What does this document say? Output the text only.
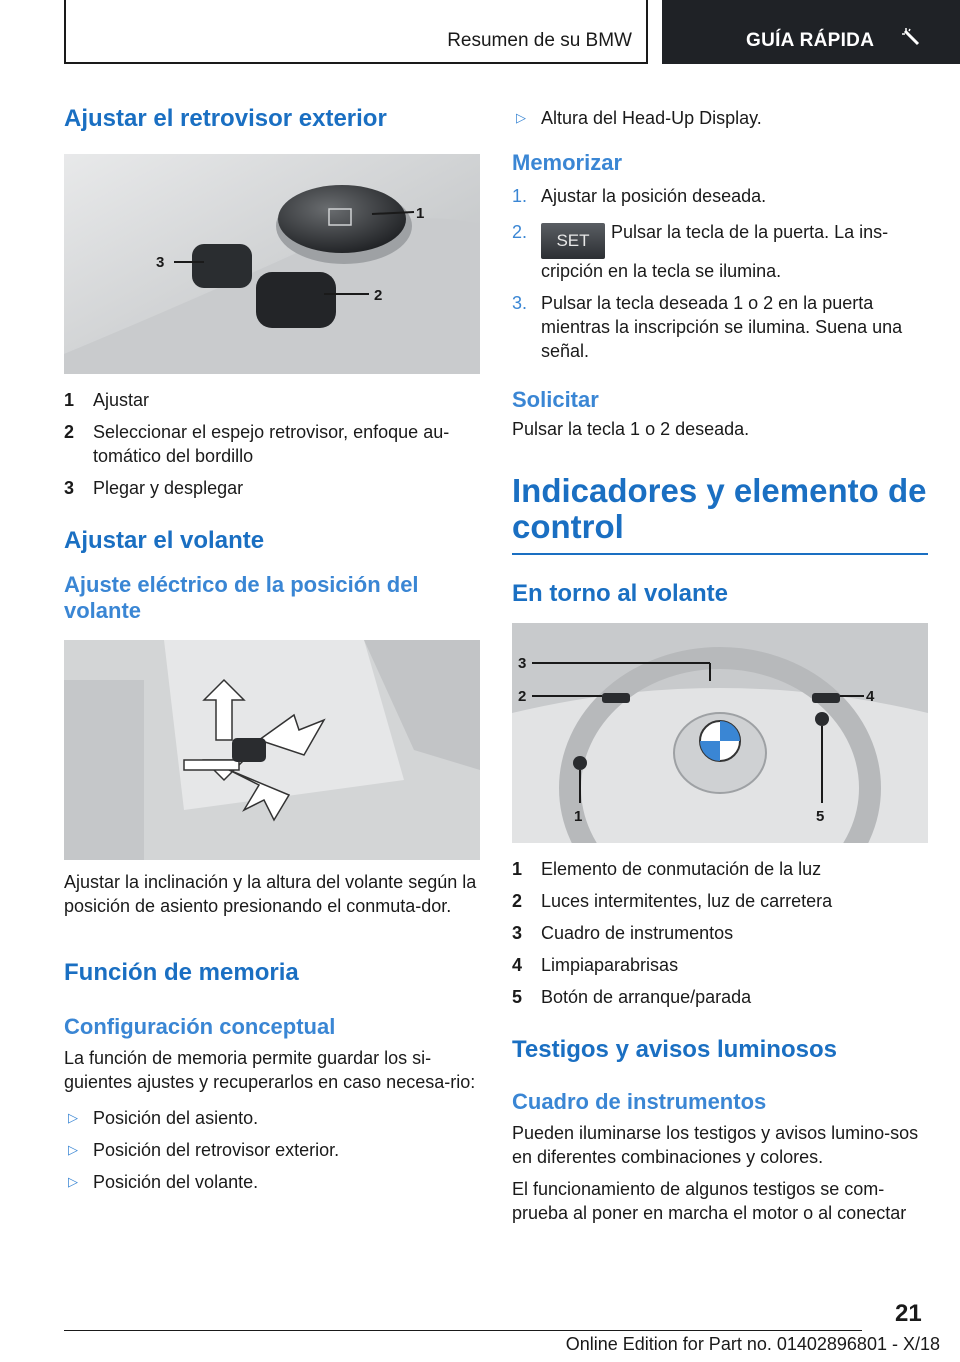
Resumen de su BMW	GUÍA RÁPIDA
Ajustar el retrovisor exterior
1
3
2
1 Ajustar
2 Seleccionar el espejo retrovisor, enfoque au-tomático del bordillo
3 Plegar y desplegar
Ajustar el volante
Ajuste eléctrico de la posición del volante

Ajustar la inclinación y la altura del volante según la posición de asiento presionando el conmuta-dor.

Función de memoria
Configuración conceptual

La función de memoria permite guardar los si-guientes ajustes y recuperarlos en caso necesa-rio:

▷ Posición del asiento.
▷ Posición del retrovisor exterior.
▷ Posición del volante.
▷ Altura del Head-Up Display.
Memorizar
1. Ajustar la posición deseada.
2. SET Pulsar la tecla de la puerta. La ins-cripción en la tecla se ilumina.
3. Pulsar la tecla deseada 1 o 2 en la puerta mientras la inscripción se ilumina. Suena una señal.
Solicitar

Pulsar la tecla 1 o 2 deseada.

Indicadores y elemento de
control
En torno al volante
3
2	4
1	5
1 Elemento de conmutación de la luz
2 Luces intermitentes, luz de carretera
3 Cuadro de instrumentos
4 Limpiaparabrisas
5 Botón de arranque/parada
Testigos y avisos luminosos
Cuadro de instrumentos

Pueden iluminarse los testigos y avisos lumino-sos en diferentes combinaciones y colores.

El funcionamiento de algunos testigos se com-prueba al poner en marcha el motor o al conectar

21
Online Edition for Part no. 01402896801 - X/18
